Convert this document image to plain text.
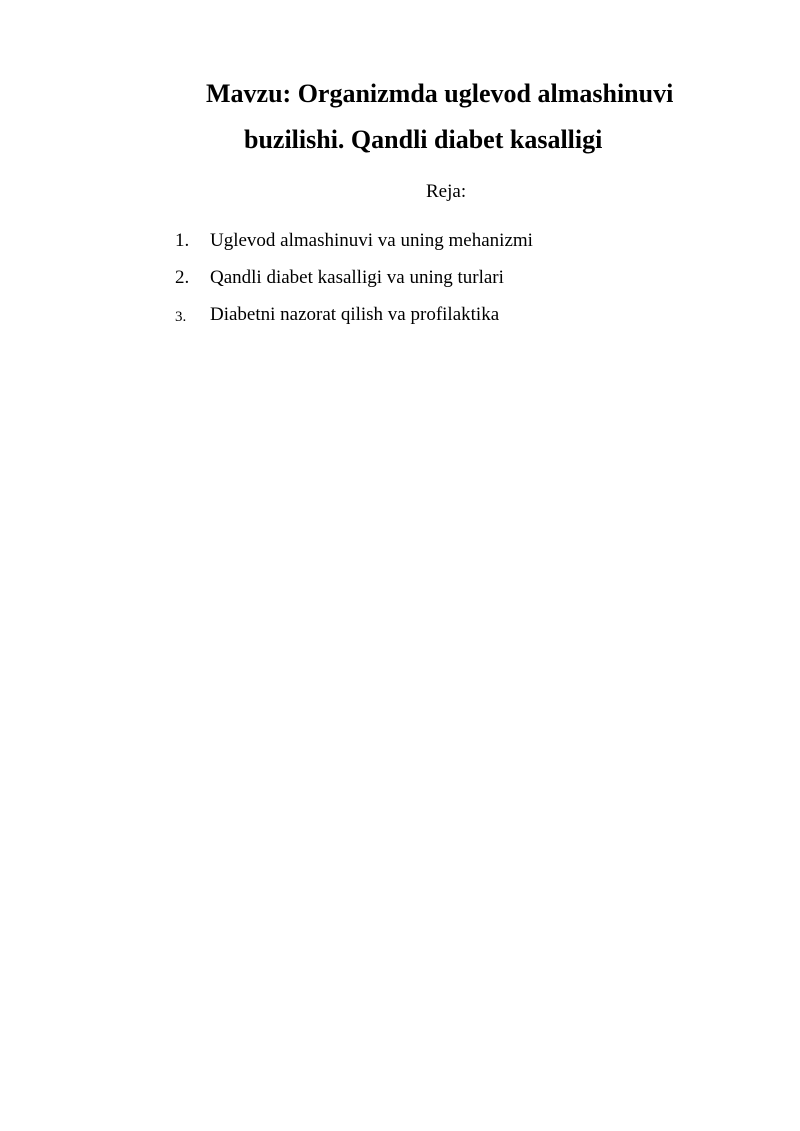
Mavzu: Organizmda uglevod almashinuvi
buzilishi. Qandli diabet kasalligi
Reja:
1.	Uglevod almashinuvi va uning mehanizmi
2.	Qandli diabet kasalligi va uning turlari
3.	Diabetni nazorat qilish va profilaktika
